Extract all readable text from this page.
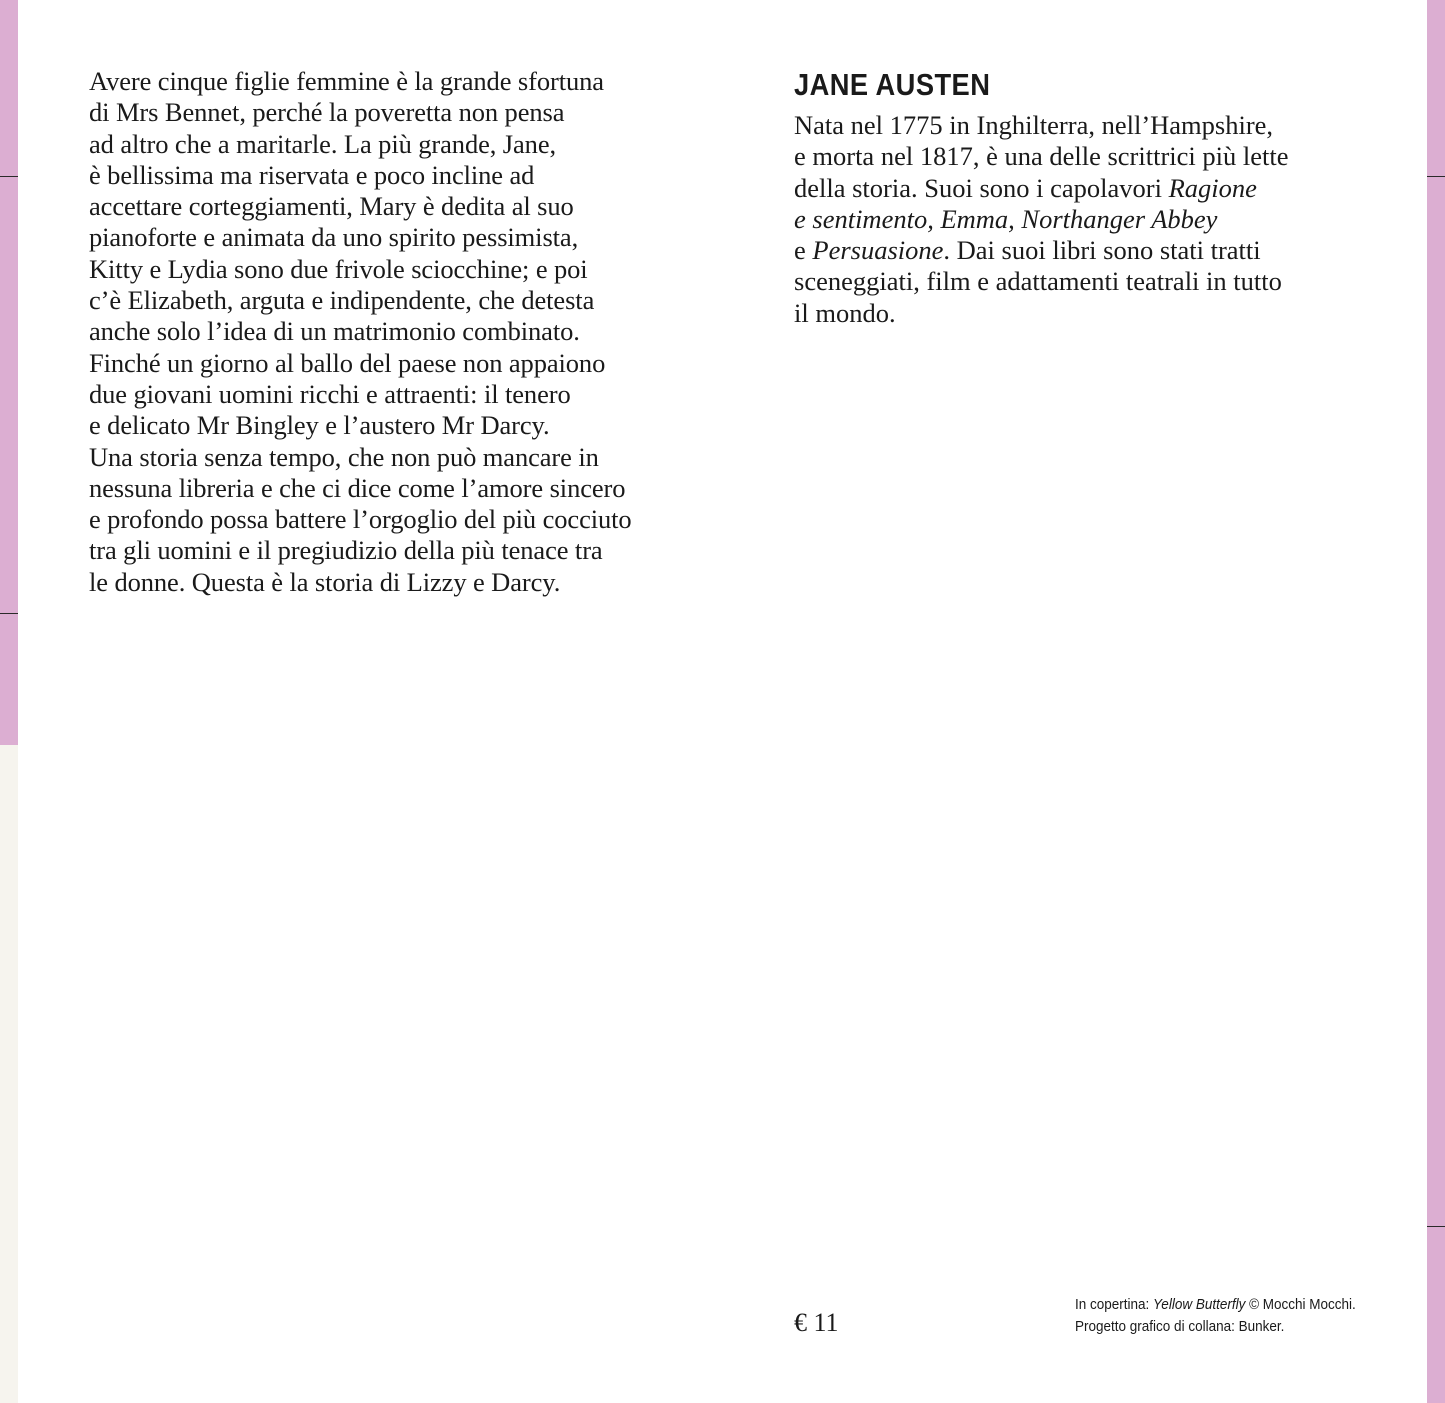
Avere cinque figlie femmine è la grande sfortuna
di Mrs Bennet, perché la poveretta non pensa
ad altro che a maritarle. La più grande, Jane,
è bellissima ma riservata e poco incline ad
accettare corteggiamenti, Mary è dedita al suo
pianoforte e animata da uno spirito pessimista,
Kitty e Lydia sono due frivole sciocchine; e poi
c’è Elizabeth, arguta e indipendente, che detesta
anche solo l’idea di un matrimonio combinato.
Finché un giorno al ballo del paese non appaiono
due giovani uomini ricchi e attraenti: il tenero
e delicato Mr Bingley e l’austero Mr Darcy.
Una storia senza tempo, che non può mancare in
nessuna libreria e che ci dice come l’amore sincero
e profondo possa battere l’orgoglio del più cocciuto
tra gli uomini e il pregiudizio della più tenace tra
le donne. Questa è la storia di Lizzy e Darcy.

JANE AUSTEN

Nata nel 1775 in Inghilterra, nell’Hampshire,
e morta nel 1817, è una delle scrittrici più lette
della storia. Suoi sono i capolavori Ragione
e sentimento, Emma, Northanger Abbey
e Persuasione. Dai suoi libri sono stati tratti
sceneggiati, film e adattamenti teatrali in tutto
il mondo.

€ 11
In copertina: Yellow Butterfly © Mocchi Mocchi.
Progetto grafico di collana: Bunker.
